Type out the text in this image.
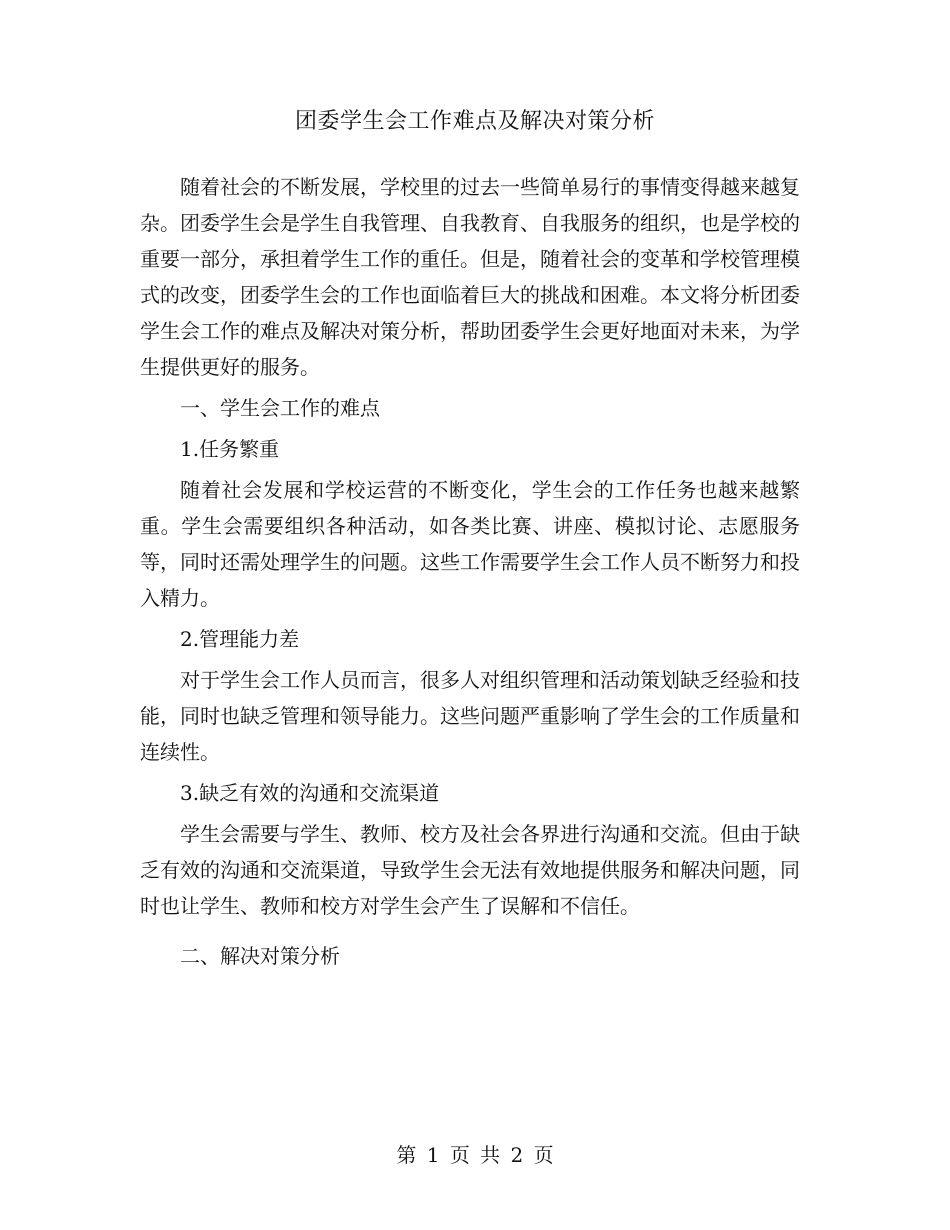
团委学生会工作难点及解决对策分析

随着社会的不断发展，学校里的过去一些简单易行的事情变得越来越复杂。团委学生会是学生自我管理、自我教育、自我服务的组织，也是学校的重要一部分，承担着学生工作的重任。但是，随着社会的变革和学校管理模式的改变，团委学生会的工作也面临着巨大的挑战和困难。本文将分析团委学生会工作的难点及解决对策分析，帮助团委学生会更好地面对未来，为学生提供更好的服务。

一、学生会工作的难点

1.任务繁重

随着社会发展和学校运营的不断变化，学生会的工作任务也越来越繁重。学生会需要组织各种活动，如各类比赛、讲座、模拟讨论、志愿服务等，同时还需处理学生的问题。这些工作需要学生会工作人员不断努力和投入精力。

2.管理能力差

对于学生会工作人员而言，很多人对组织管理和活动策划缺乏经验和技能，同时也缺乏管理和领导能力。这些问题严重影响了学生会的工作质量和连续性。

3.缺乏有效的沟通和交流渠道

学生会需要与学生、教师、校方及社会各界进行沟通和交流。但由于缺乏有效的沟通和交流渠道，导致学生会无法有效地提供服务和解决问题，同时也让学生、教师和校方对学生会产生了误解和不信任。

二、解决对策分析

第 1 页 共 2 页
